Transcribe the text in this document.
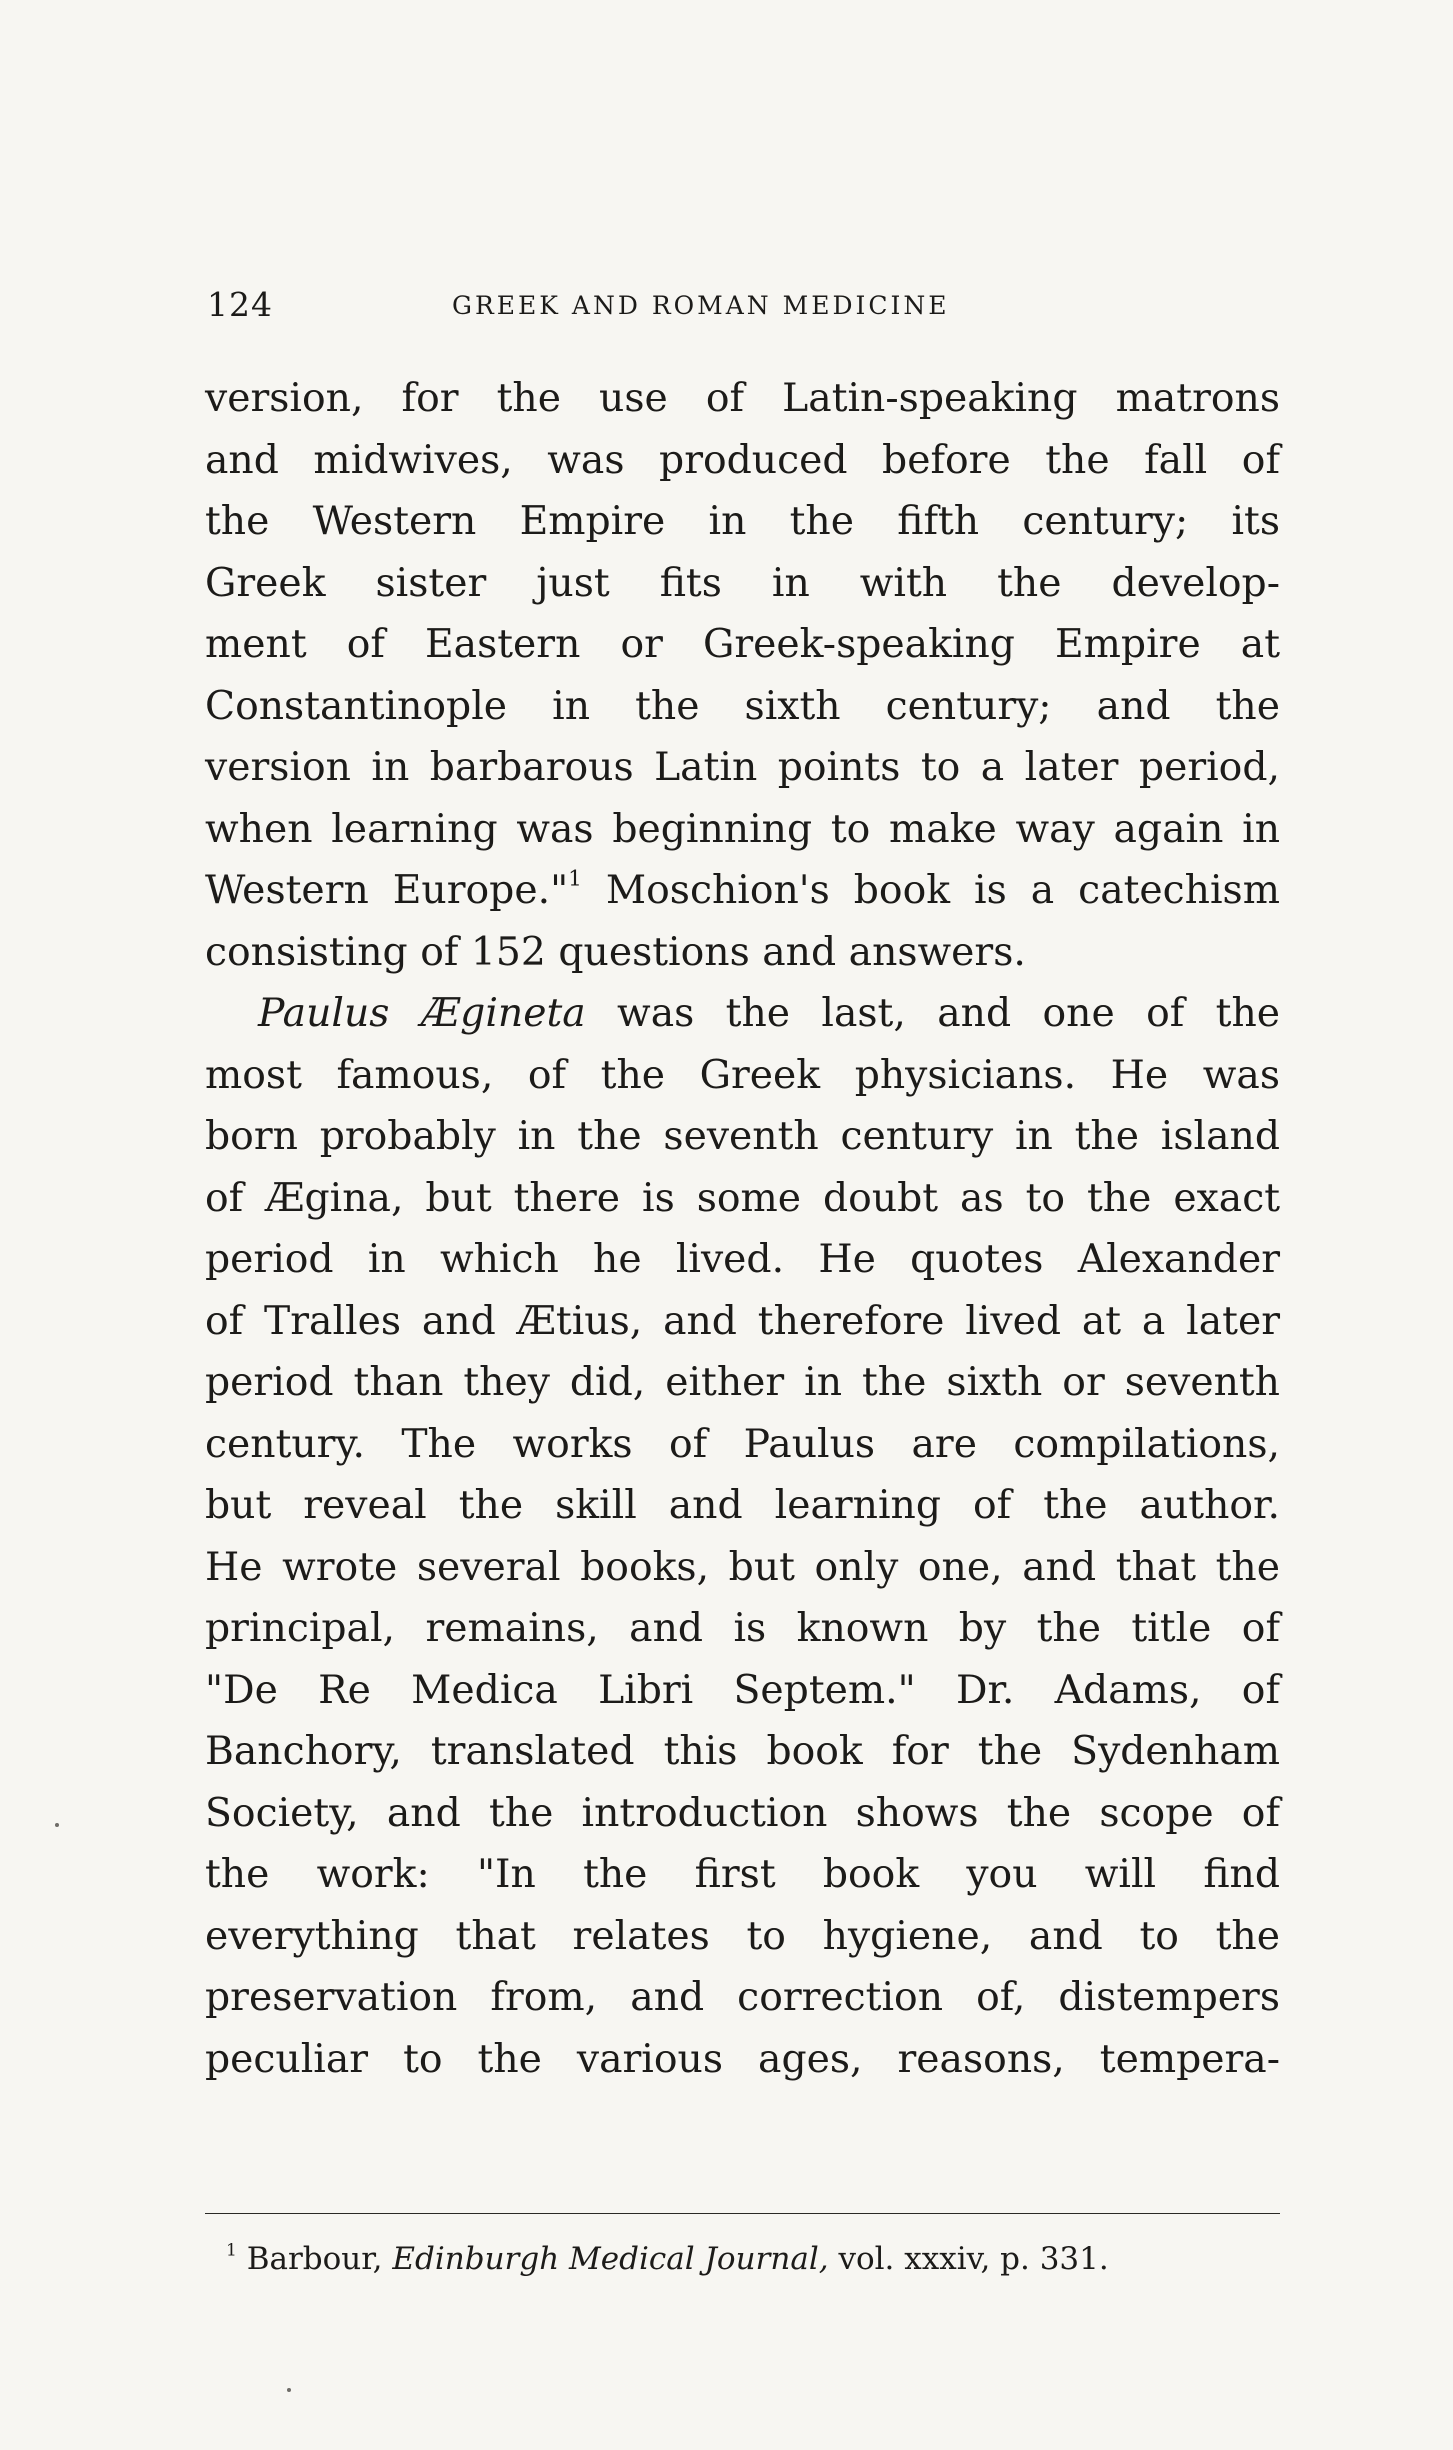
124	GREEK AND ROMAN MEDICINE
version, for the use of Latin-speaking matrons
and midwives, was produced before the fall of
the Western Empire in the fifth century; its
Greek sister just fits in with the develop-
ment of Eastern or Greek-speaking Empire at
Constantinople in the sixth century; and the
version in barbarous Latin points to a later period,
when learning was beginning to make way again in
Western Europe."$^1$ Moschion's book is a catechism
consisting of 152 questions and answers.
Paulus Ægineta was the last, and one of the
most famous, of the Greek physicians. He was
born probably in the seventh century in the island
of Ægina, but there is some doubt as to the exact
period in which he lived. He quotes Alexander
of Tralles and Ætius, and therefore lived at a later
period than they did, either in the sixth or seventh
century. The works of Paulus are compilations,
but reveal the skill and learning of the author.
He wrote several books, but only one, and that the
principal, remains, and is known by the title of
"De Re Medica Libri Septem." Dr. Adams, of
Banchory, translated this book for the Sydenham
Society, and the introduction shows the scope of
the work: "In the first book you will find
everything that relates to hygiene, and to the
preservation from, and correction of, distempers
peculiar to the various ages, reasons, tempera-
$^1$ Barbour, Edinburgh Medical Journal, vol. xxxiv, p. 331.
